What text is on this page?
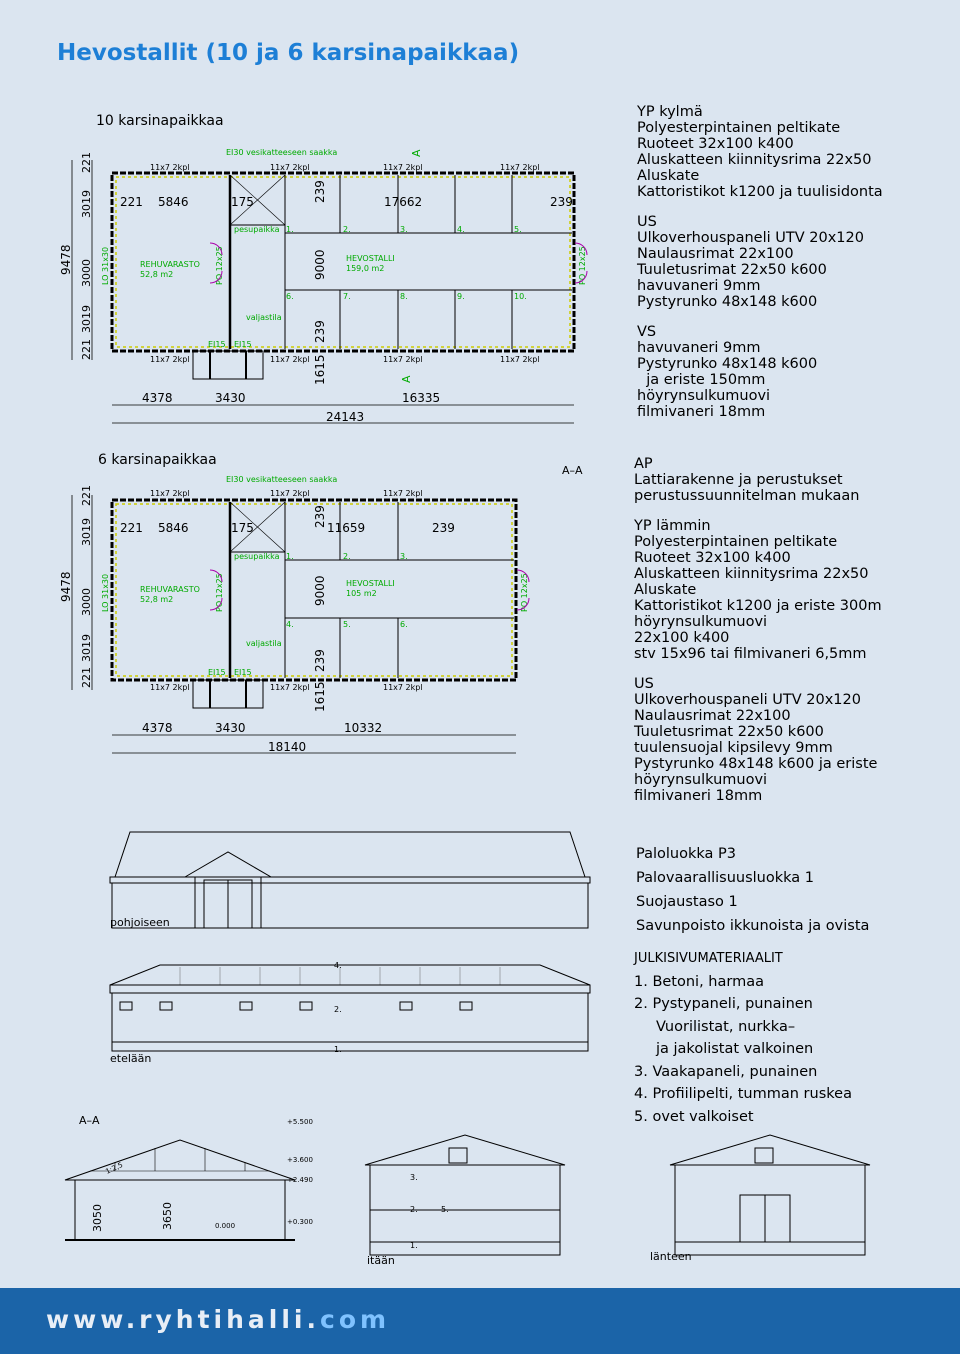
Hevostallit (10 ja 6 karsinapaikkaa)
10 karsinapaikkaa
EI30 vesikatteeseen saakka
9478
221
3019
3000
3019
221	11x7 2kpl	11x7 2kpl	11x7 2kpl	11x7 2kpl
11x7 2kpl	11x7 2kpl	11x7 2kpl	11x7 2kpl
221 5846	175	17662	239
pesupaikka 1.	2.	3.	4.	5.
6.	7.	8.	9.	10.
REHUVARASTO
52,8 m2
HEVOSTALLI
159,0 m2
valjastila
EI15 EI15
239
9000
239
1615
LO 31x30	PO 12x25	PO 12x25
A
A
4378	3430	16335
24143
YP kylmä
Polyesterpintainen peltikate
Ruoteet 32x100 k400
Aluskatteen kiinnitysrima 22x50
Aluskate
Kattoristikot k1200 ja tuulisidonta
US
Ulkoverhouspaneli UTV 20x120
Naulausrimat 22x100
Tuuletusrimat 22x50 k600
havuvaneri 9mm
Pystyrunko 48x148 k600
VS
havuvaneri 9mm
Pystyrunko 48x148 k600
ja eriste 150mm
höyrynsulkumuovi
filmivaneri 18mm
6 karsinapaikkaa
EI30 vesikatteeseen saakka
A–A
9478
221
3019
3000
3019
221	11x7 2kpl	11x7 2kpl	11x7 2kpl
11x7 2kpl	11x7 2kpl	11x7 2kpl
221 5846	175	11659	239
pesupaikka 1.	2.	3.
4.	5.	6.
REHUVARASTO
52,8 m2
HEVOSTALLI
105 m2
valjastila
EI15 EI15
239
9000
239
1615
LO 31x30	PO 12x25	PO 12x25
4378	3430	10332
18140
AP
Lattiarakenne ja perustukset
perustussuunnitelman mukaan
YP lämmin
Polyesterpintainen peltikate
Ruoteet 32x100 k400
Aluskatteen kiinnitysrima 22x50
Aluskate
Kattoristikot k1200 ja eriste 300m
höyrynsulkumuovi
22x100 k400
stv 15x96 tai filmivaneri 6,5mm
US
Ulkoverhouspaneli UTV 20x120
Naulausrimat 22x100
Tuuletusrimat 22x50 k600
tuulensuojal kipsilevy 9mm
Pystyrunko 48x148 k600 ja eriste
höyrynsulkumuovi
filmivaneri 18mm
Paloluokka P3
Palovaarallisuusluokka 1
Suojaustaso 1
Savunpoisto ikkunoista ja ovista
JULKISIVUMATERIAALIT
1. Betoni, harmaa
2. Pystypaneli, punainen
Vuorilistat, nurkka–
ja jakolistat valkoinen
3. Vaakapaneli, punainen
4. Profiilipelti, tumman ruskea
5. ovet valkoiset
pohjoiseen
4.
2.
1.
etelään
A–A
3050	3650
1:2,5
0.000
+5.500
+3.600
+2.490
+0.300
3.
2.	5.
1.
itään	länteen
www.ryhtihalli.com
